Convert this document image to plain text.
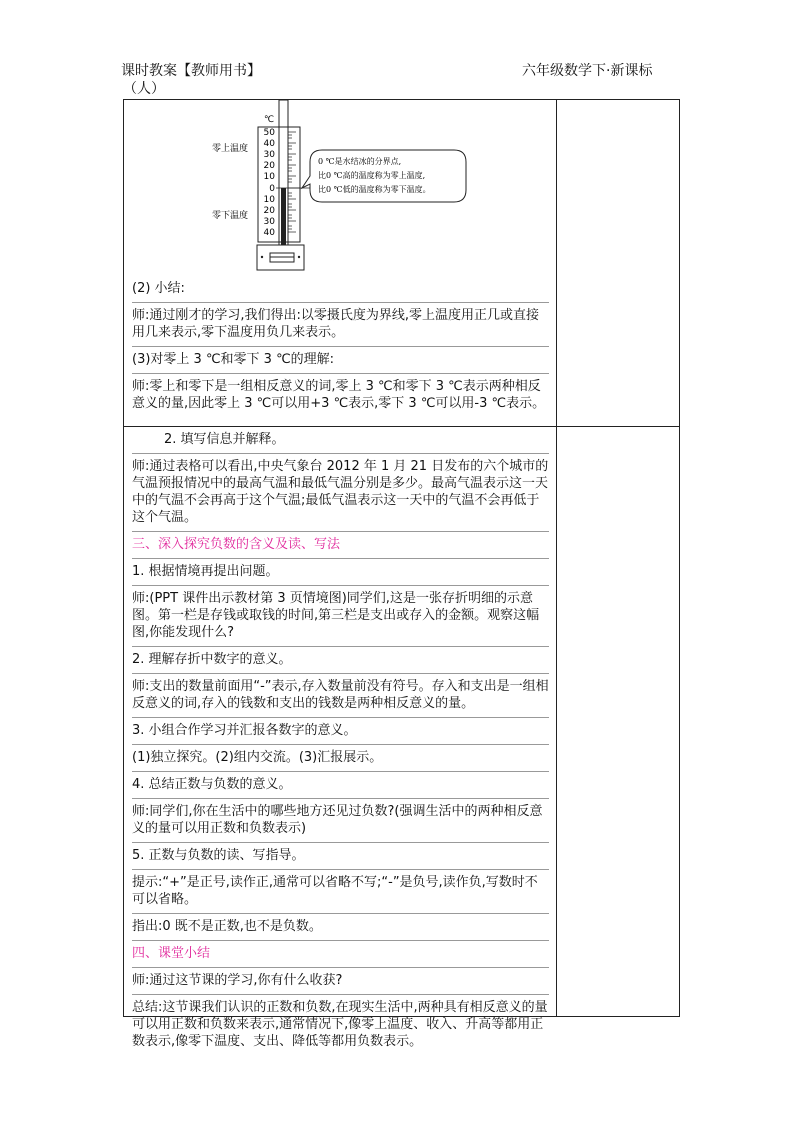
课时教案【教师用书】
（人）
六年级数学下·新课标
℃
50
40
30
20
10
0
10
20
30
40
零上温度
零下温度
0 ℃是水结冰的分界点,
比0 ℃高的温度称为零上温度,
比0 ℃低的温度称为零下温度。
(2) 小结:
师:通过刚才的学习,我们得出:以零摄氏度为界线,零上温度用正几或直接用几来表示,零下温度用负几来表示。
(3)对零上 3 ℃和零下 3 ℃的理解:
师:零上和零下是一组相反意义的词,零上 3 ℃和零下 3 ℃表示两种相反意义的量,因此零上 3 ℃可以用+3 ℃表示,零下 3 ℃可以用-3 ℃表示。
2. 填写信息并解释。
师:通过表格可以看出,中央气象台 2012 年 1 月 21 日发布的六个城市的气温预报情况中的最高气温和最低气温分别是多少。最高气温表示这一天中的气温不会再高于这个气温;最低气温表示这一天中的气温不会再低于这个气温。
三、深入探究负数的含义及读、写法
1. 根据情境再提出问题。
师:(PPT 课件出示教材第 3 页情境图)同学们,这是一张存折明细的示意图。第一栏是存钱或取钱的时间,第三栏是支出或存入的金额。观察这幅图,你能发现什么?
2. 理解存折中数字的意义。
师:支出的数量前面用“-”表示,存入数量前没有符号。存入和支出是一组相反意义的词,存入的钱数和支出的钱数是两种相反意义的量。
3. 小组合作学习并汇报各数字的意义。
(1)独立探究。(2)组内交流。(3)汇报展示。
4. 总结正数与负数的意义。
师:同学们,你在生活中的哪些地方还见过负数?(强调生活中的两种相反意义的量可以用正数和负数表示)
5. 正数与负数的读、写指导。
提示:“+”是正号,读作正,通常可以省略不写;“-”是负号,读作负,写数时不可以省略。
指出:0 既不是正数,也不是负数。
四、课堂小结
师:通过这节课的学习,你有什么收获?
总结:这节课我们认识的正数和负数,在现实生活中,两种具有相反意义的量可以用正数和负数来表示,通常情况下,像零上温度、收入、升高等都用正数表示,像零下温度、支出、降低等都用负数表示。
